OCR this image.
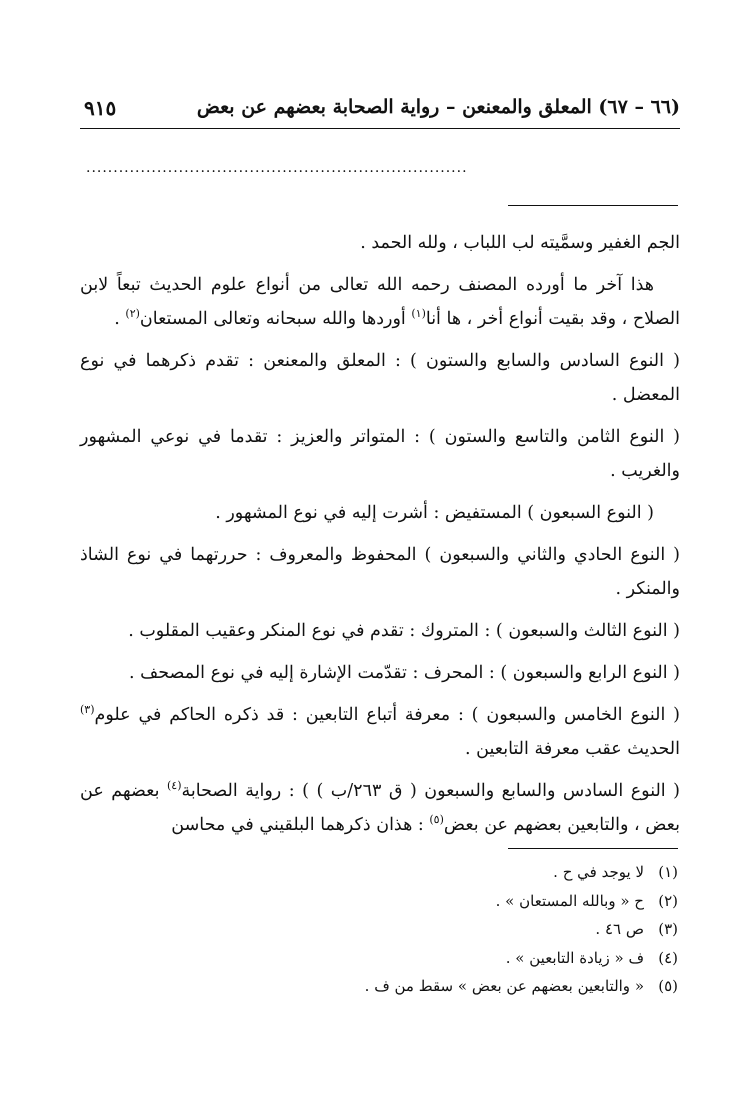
(٦٦ – ٦٧) المعلق والمعنعن – رواية الصحابة بعضهم عن بعض
٩١٥
......................................................................

الجم الغفير وسمَّيته لب اللباب ، ولله الحمد .

هذا آخر ما أورده المصنف رحمه الله تعالى من أنواع علوم الحديث تبعاً لابن الصلاح ، وقد بقيت أنواع أخر ، ها أنا$^{(١)}$ أوردها والله سبحانه وتعالى المستعان$^{(٢)}$ .

( النوع السادس والسابع والستون ) : المعلق والمعنعن : تقدم ذكرهما في نوع المعضل .

( النوع الثامن والتاسع والستون ) : المتواتر والعزيز : تقدما في نوعي المشهور والغريب .

( النوع السبعون ) المستفيض : أشرت إليه في نوع المشهور .

( النوع الحادي والثاني والسبعون ) المحفوظ والمعروف : حررتهما في نوع الشاذ والمنكر .

( النوع الثالث والسبعون ) : المتروك : تقدم في نوع المنكر وعقيب المقلوب .

( النوع الرابع والسبعون ) : المحرف : تقدّمت الإشارة إليه في نوع المصحف .

( النوع الخامس والسبعون ) : معرفة أتباع التابعين : قد ذكره الحاكم في علوم$^{(٣)}$ الحديث عقب معرفة التابعين .

( النوع السادس والسابع والسبعون ( ق ٢٦٣/ب ) ) : رواية الصحابة$^{(٤)}$ بعضهم عن بعض ، والتابعين بعضهم عن بعض$^{(٥)}$ : هذان ذكرهما البلقيني في محاسن

(١)لا يوجد في ح .
(٢)ح « وبالله المستعان » .
(٣)ص ٤٦ .
(٤)ف « زيادة التابعين » .
(٥)« والتابعين بعضهم عن بعض » سقط من ف .
